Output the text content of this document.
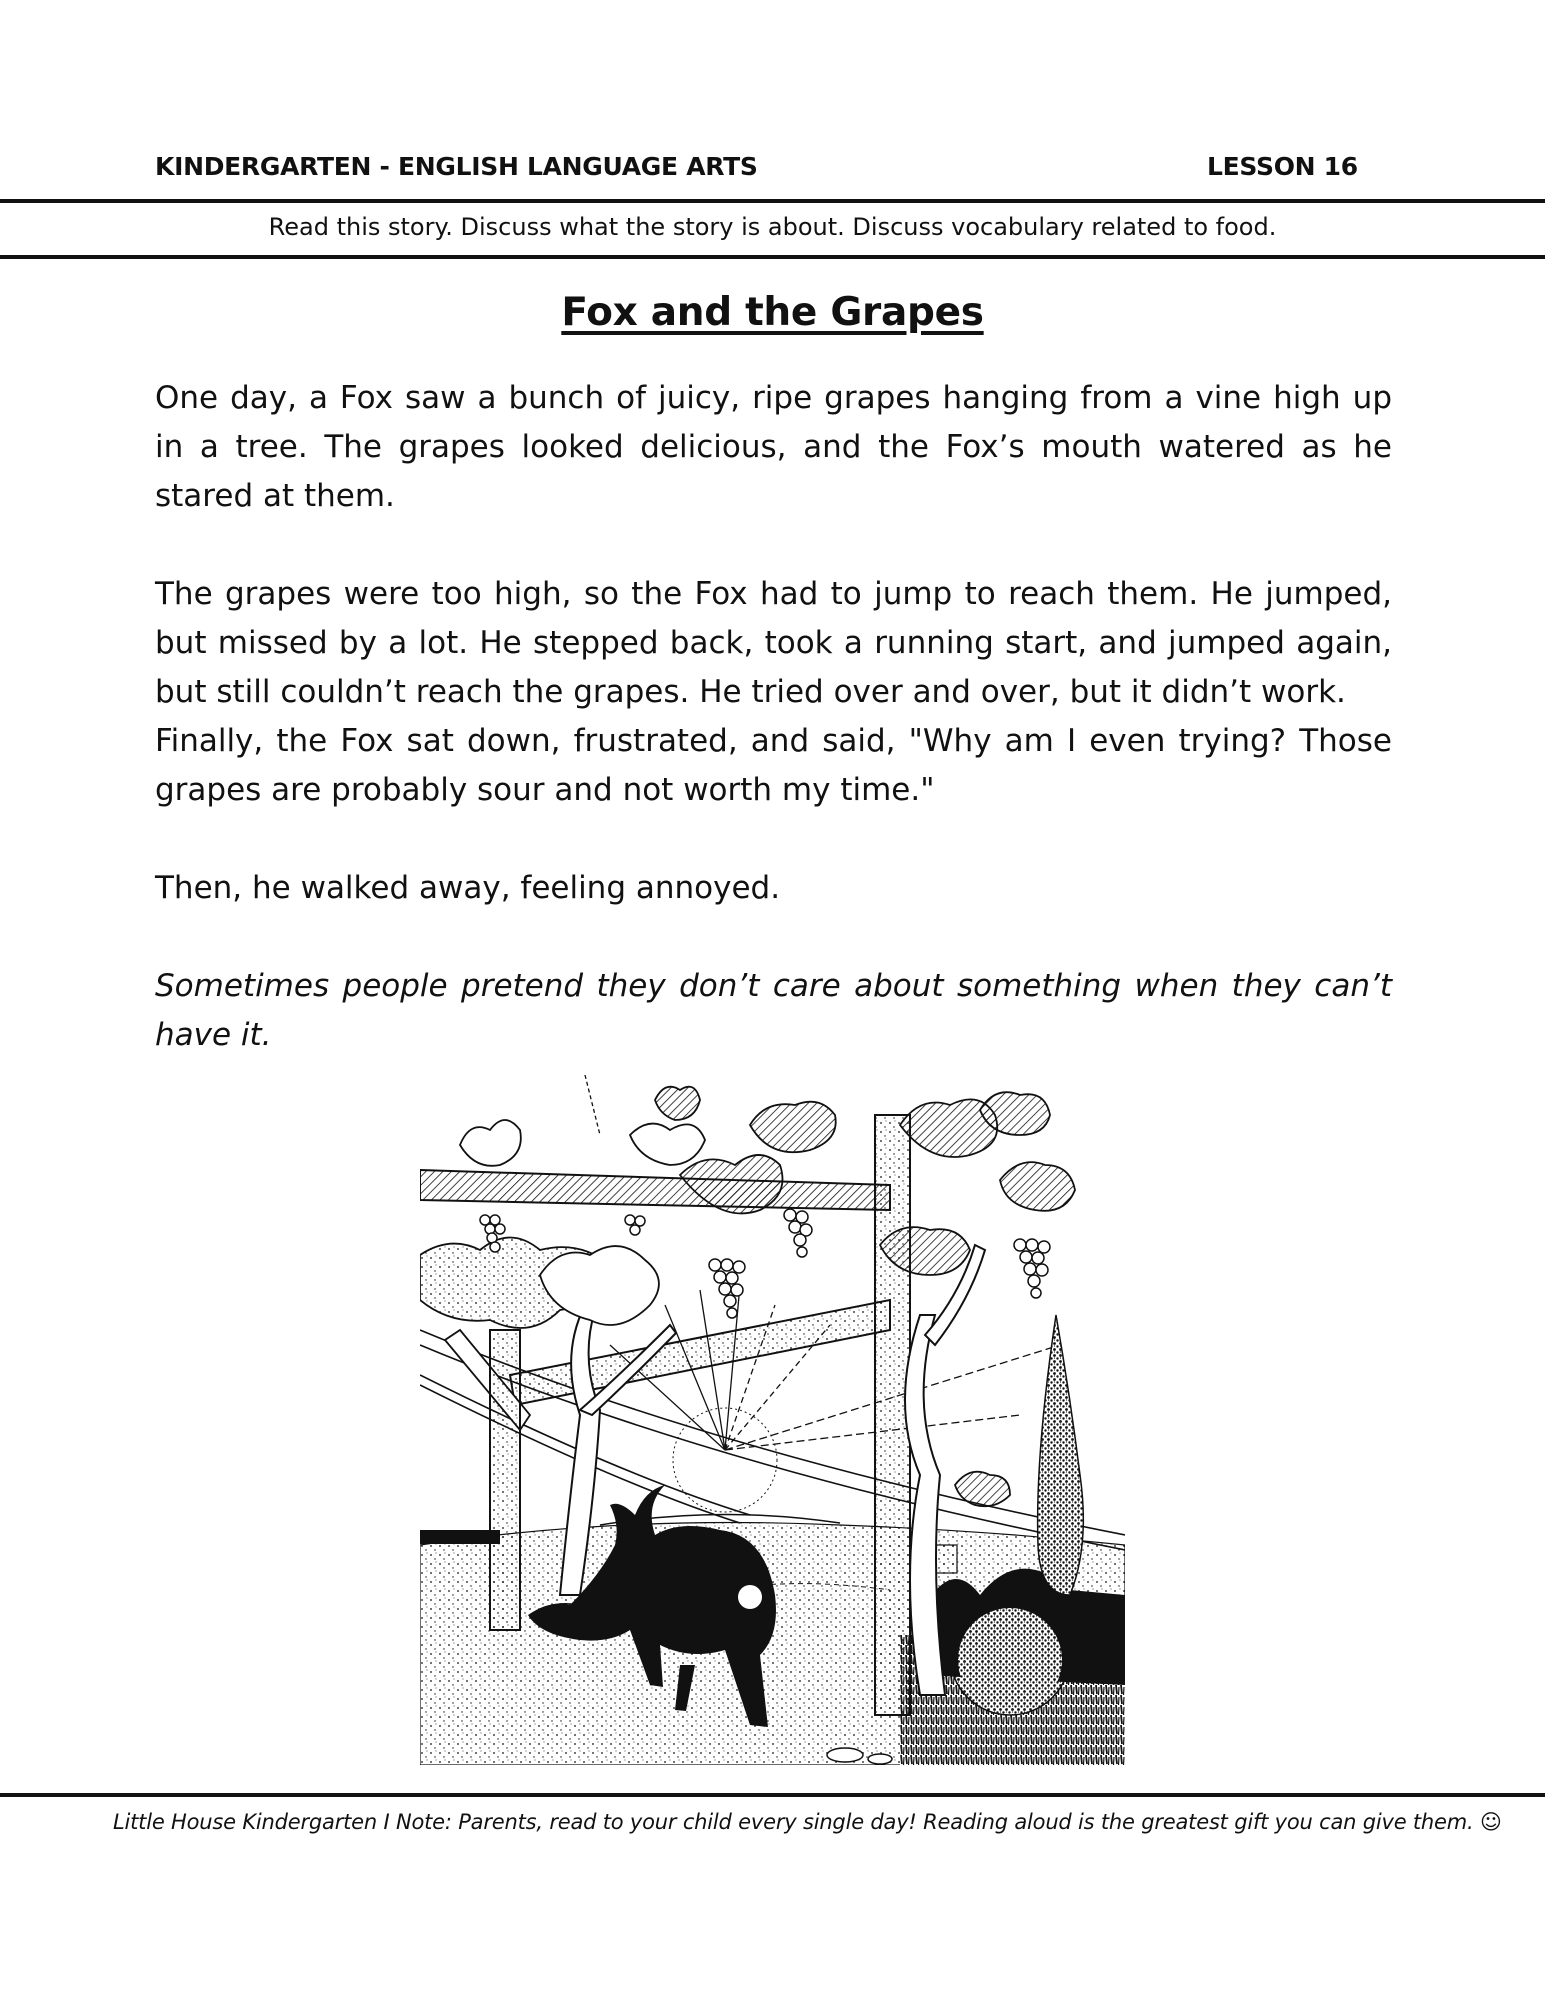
KINDERGARTEN - ENGLISH LANGUAGE ARTS	LESSON 16
Read this story. Discuss what the story is about. Discuss vocabulary related to food.
Fox and the Grapes

One day, a Fox saw a bunch of juicy, ripe grapes hanging from a vine high up in a tree. The grapes looked delicious, and the Fox’s mouth watered as he stared at them.

The grapes were too high, so the Fox had to jump to reach them. He jumped, but missed by a lot. He stepped back, took a running start, and jumped again, but still couldn’t reach the grapes. He tried over and over, but it didn’t work.

Finally, the Fox sat down, frustrated, and said, "Why am I even trying? Those grapes are probably sour and not worth my time."

Then, he walked away, feeling annoyed.

Sometimes people pretend they don’t care about something when they can’t have it.

Little House Kindergarten I Note: Parents, read to your child every single day! Reading aloud is the greatest gift you can give them. ☺
